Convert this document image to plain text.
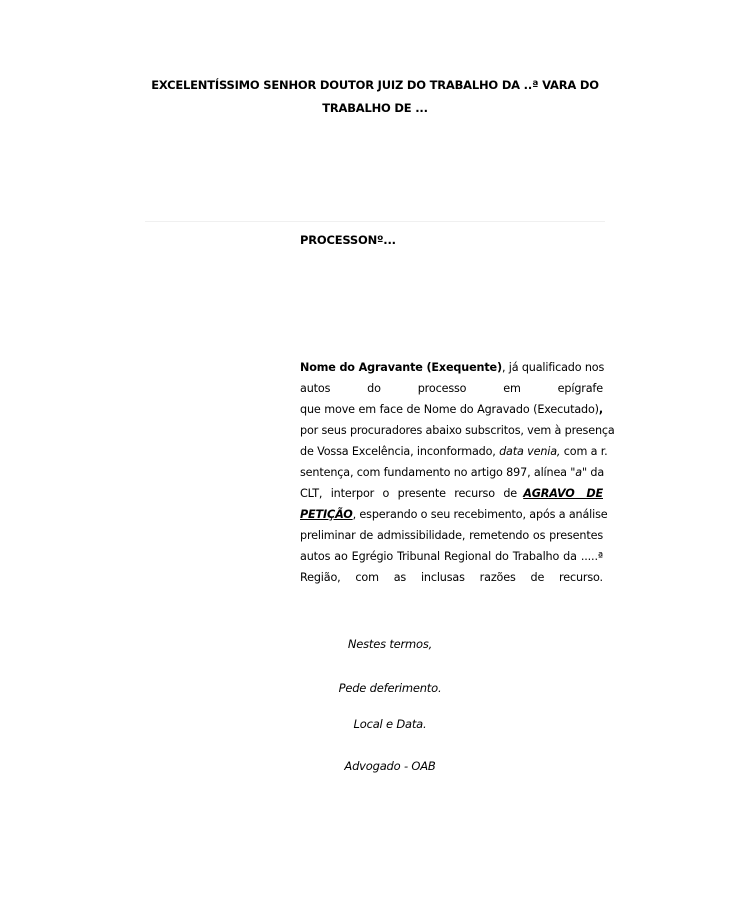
EXCELENTÍSSIMO SENHOR DOUTOR JUIZ DO TRABALHO DA ..ª VARA DO
TRABALHO DE ...
PROCESSONº...
Nome do Agravante (Exequente), já qualificado nos
autos	do	processo	em	epígrafe
que move em face de Nome do Agravado (Executado),
por seus procuradores abaixo subscritos, vem à presença
de Vossa Excelência, inconformado, data venia, com a r.
sentença, com fundamento no artigo 897, alínea "a" da
CLT, interpor o presente recurso de AGRAVO DE
PETIÇÃO, esperando o seu recebimento, após a análise
preliminar de admissibilidade, remetendo os presentes
autos ao Egrégio Tribunal Regional do Trabalho da .....ª
Região, com as inclusas razões de recurso.
Nestes termos,
Pede deferimento.
Local e Data.
Advogado - OAB
